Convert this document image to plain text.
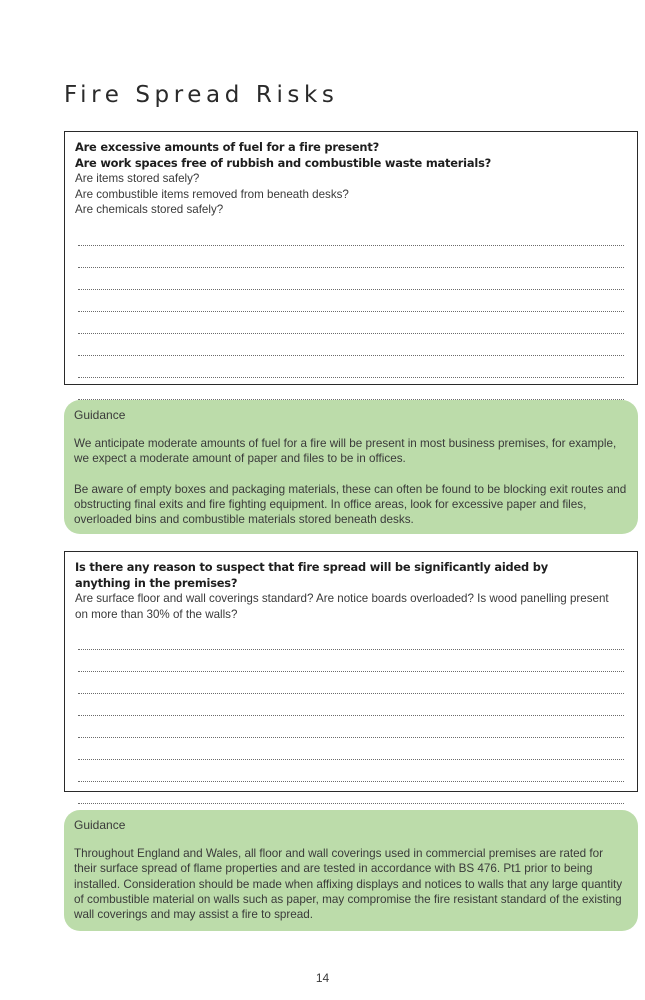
Fire Spread Risks

Are excessive amounts of fuel for a fire present?

Are work spaces free of rubbish and combustible waste materials?

Are items stored safely?

Are combustible items removed from beneath desks?

Are chemicals stored safely?

Guidance

We anticipate moderate amounts of fuel for a fire will be present in most business premises, for example, we expect a moderate amount of paper and files to be in offices.

Be aware of empty boxes and packaging materials, these can often be found to be blocking exit routes and obstructing final exits and fire fighting equipment. In office areas, look for excessive paper and files, overloaded bins and combustible materials stored beneath desks.

Is there any reason to suspect that fire spread will be significantly aided by anything in the premises?

Are surface floor and wall coverings standard? Are notice boards overloaded? Is wood panelling present on more than 30% of the walls?

Guidance

Throughout England and Wales, all floor and wall coverings used in commercial premises are rated for their surface spread of flame properties and are tested in accordance with BS 476. Pt1 prior to being installed. Consideration should be made when affixing displays and notices to walls that any large quantity of combustible material on walls such as paper, may compromise the fire resistant standard of the existing wall coverings and may assist a fire to spread.

14
